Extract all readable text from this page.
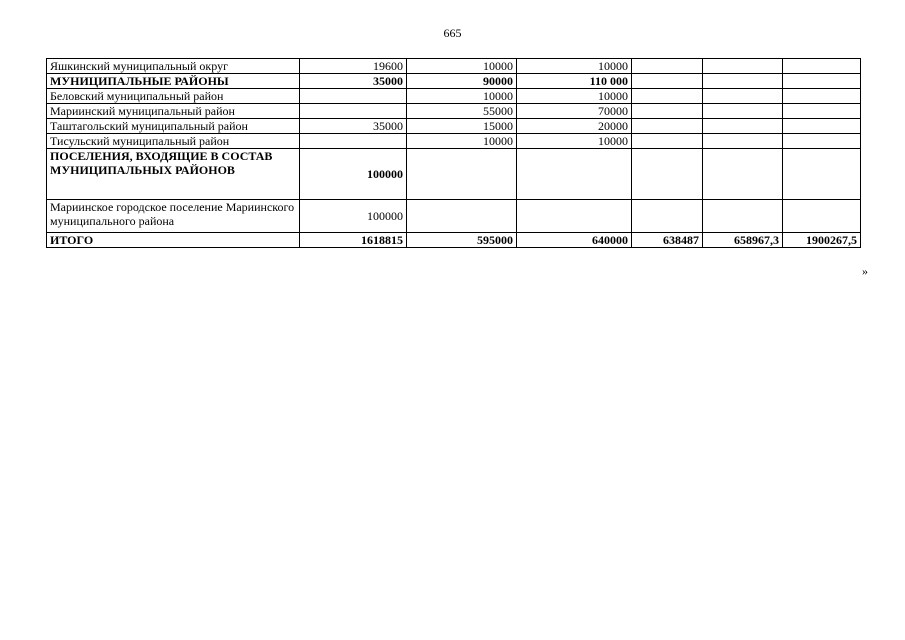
665
Яшкинский муниципальный округ	19600	10000	10000			
МУНИЦИПАЛЬНЫЕ РАЙОНЫ	35000	90000	110 000			
Беловский муниципальный район		10000	10000			
Мариинский муниципальный район		55000	70000			
Таштагольский муниципальный район	35000	15000	20000			
Тисульский муниципальный район		10000	10000			
ПОСЕЛЕНИЯ, ВХОДЯЩИЕ В СОСТАВ МУНИЦИПАЛЬНЫХ РАЙОНОВ	100000					
Мариинское городское поселение Мариинского муниципального района	100000					
ИТОГО	1618815	595000	640000	638487	658967,3	1900267,5
»
